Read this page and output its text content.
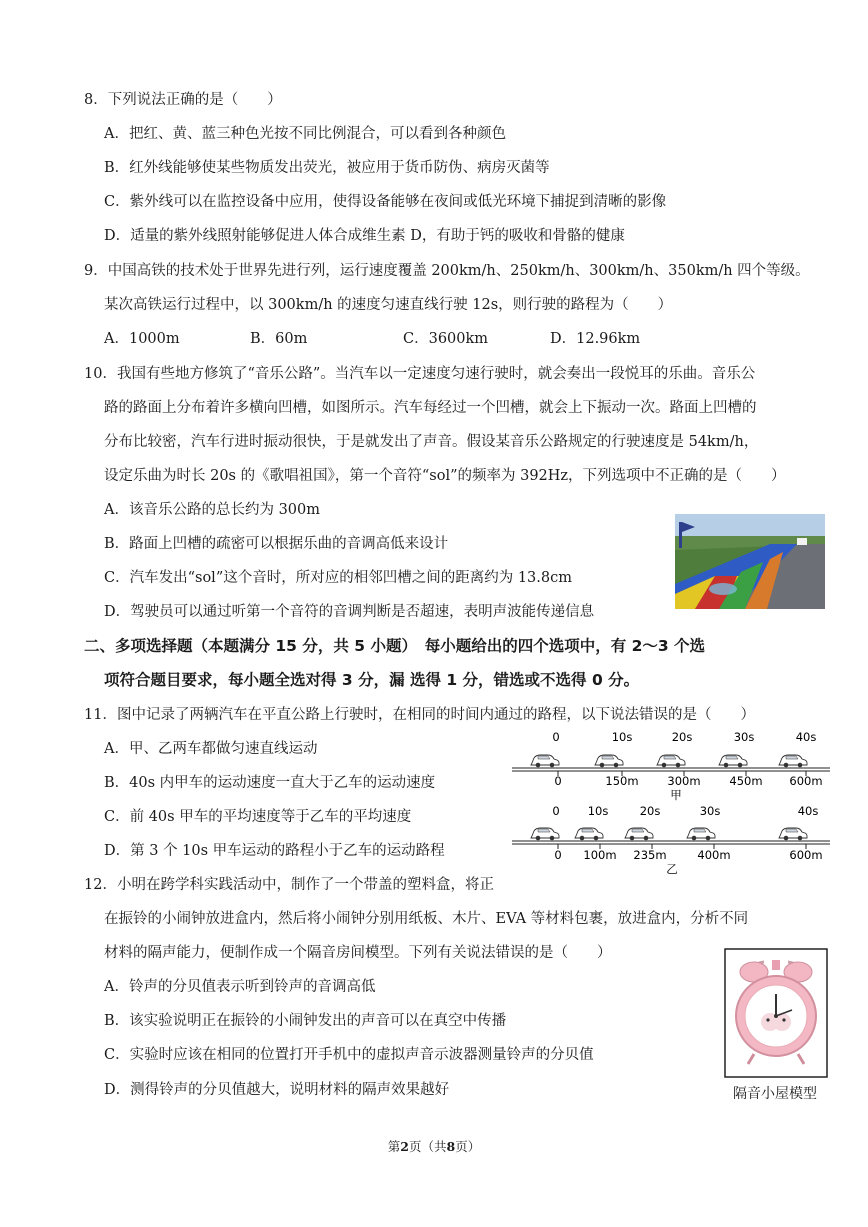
8．下列说法正确的是（　　）
A．把红、黄、蓝三种色光按不同比例混合，可以看到各种颜色
B．红外线能够使某些物质发出荧光，被应用于货币防伪、病房灭菌等
C．紫外线可以在监控设备中应用，使得设备能够在夜间或低光环境下捕捉到清晰的影像
D．适量的紫外线照射能够促进人体合成维生素 D，有助于钙的吸收和骨骼的健康
9．中国高铁的技术处于世界先进行列，运行速度覆盖 200km/h、250km/h、300km/h、350km/h 四个等级。
某次高铁运行过程中，以 300km/h 的速度匀速直线行驶 12s，则行驶的路程为（　　）
A．1000m	B．60m	C．3600km	D．12.96km
10．我国有些地方修筑了“音乐公路”。当汽车以一定速度匀速行驶时，就会奏出一段悦耳的乐曲。音乐公
路的路面上分布着许多横向凹槽，如图所示。汽车每经过一个凹槽，就会上下振动一次。路面上凹槽的
分布比较密，汽车行进时振动很快，于是就发出了声音。假设某音乐公路规定的行驶速度是 54km/h，
设定乐曲为时长 20s 的《歌唱祖国》，第一个音符“sol”的频率为 392Hz，下列选项中不正确的是（　　）
A．该音乐公路的总长约为 300m
B．路面上凹槽的疏密可以根据乐曲的音调高低来设计
C．汽车发出“sol”这个音时，所对应的相邻凹槽之间的距离约为 13.8cm
D．驾驶员可以通过听第一个音符的音调判断是否超速，表明声波能传递信息
二、多项选择题（本题满分 15 分，共 5 小题）　每小题给出的四个选项中，有 2～3 个选
项符合题目要求，每小题全选对得 3 分，漏 选得 1 分，错选或不选得 0 分。
11．图中记录了两辆汽车在平直公路上行驶时，在相同的时间内通过的路程，以下说法错误的是（　　）
A．甲、乙两车都做匀速直线运动
B．40s 内甲车的运动速度一直大于乙车的运动速度
C．前 40s 甲车的平均速度等于乙车的平均速度
D．第 3 个 10s 甲车运动的路程小于乙车的运动路程
0	10s	20s	30s	40s
0	150m	300m	450m 600m
甲
0 10s	20s	30s	40s
0 100m 235m	400m	600m
乙
12．小明在跨学科实践活动中，制作了一个带盖的塑料盒，将正
在振铃的小闹钟放进盒内，然后将小闹钟分别用纸板、木片、EVA 等材料包裹，放进盒内，分析不同
材料的隔声能力，便制作成一个隔音房间模型。下列有关说法错误的是（　　）
A．铃声的分贝值表示听到铃声的音调高低
B．该实验说明正在振铃的小闹钟发出的声音可以在真空中传播
C．实验时应该在相同的位置打开手机中的虚拟声音示波器测量铃声的分贝值
D．测得铃声的分贝值越大，说明材料的隔声效果越好	隔音小屋模型
第2页（共8页）
